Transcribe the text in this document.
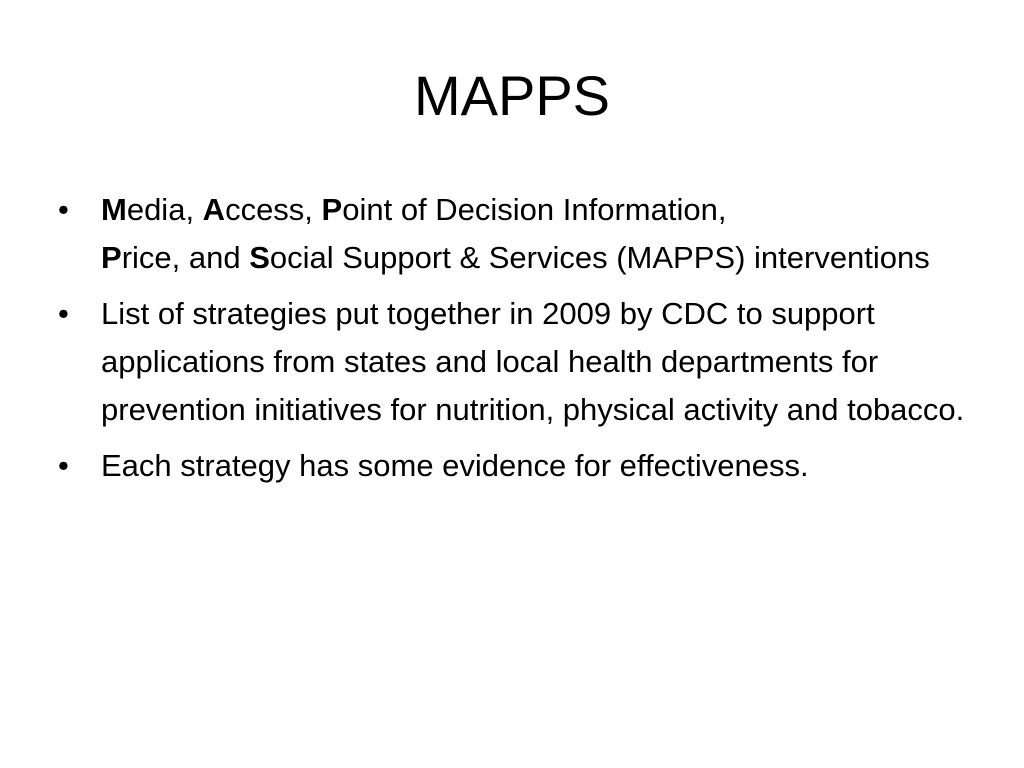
MAPPS
•	Media, Access, Point of Decision Information,
Price, and Social Support & Services (MAPPS) interventions
•	List of strategies put together in 2009 by CDC to support applications from states and local health departments for prevention initiatives for nutrition, physical activity and tobacco.
•	Each strategy has some evidence for effectiveness.
